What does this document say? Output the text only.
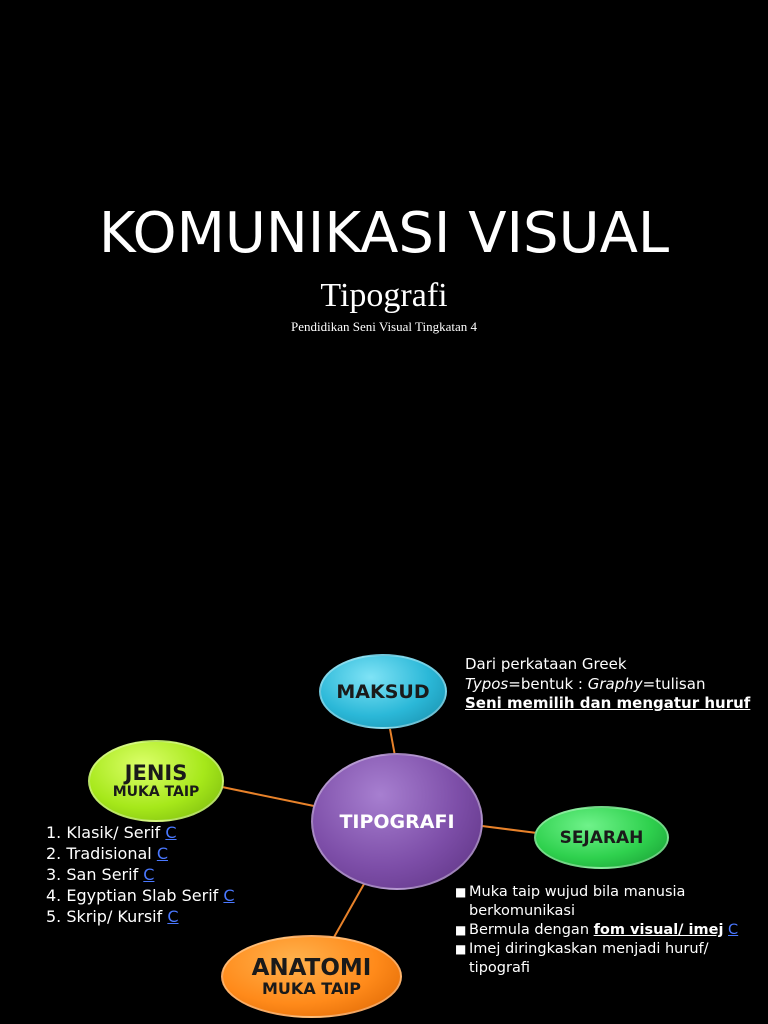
KOMUNIKASI VISUAL
Tipografi
Pendidikan Seni Visual Tingkatan 4
MAKSUD
TIPOGRAFI
JENIS
MUKA TAIP
SEJARAH
ANATOMI
MUKA TAIP
Dari perkataan Greek
Typos=bentuk : Graphy=tulisan
Seni memilih dan mengatur huruf
1. Klasik/ Serif C
2. Tradisional C
3. San Serif C
4. Egyptian Slab Serif C
5. Skrip/ Kursif C
■ Muka taip wujud bila manusia berkomunikasi
■ Bermula dengan fom visual/ imej C
■ Imej diringkaskan menjadi huruf/ tipografi
